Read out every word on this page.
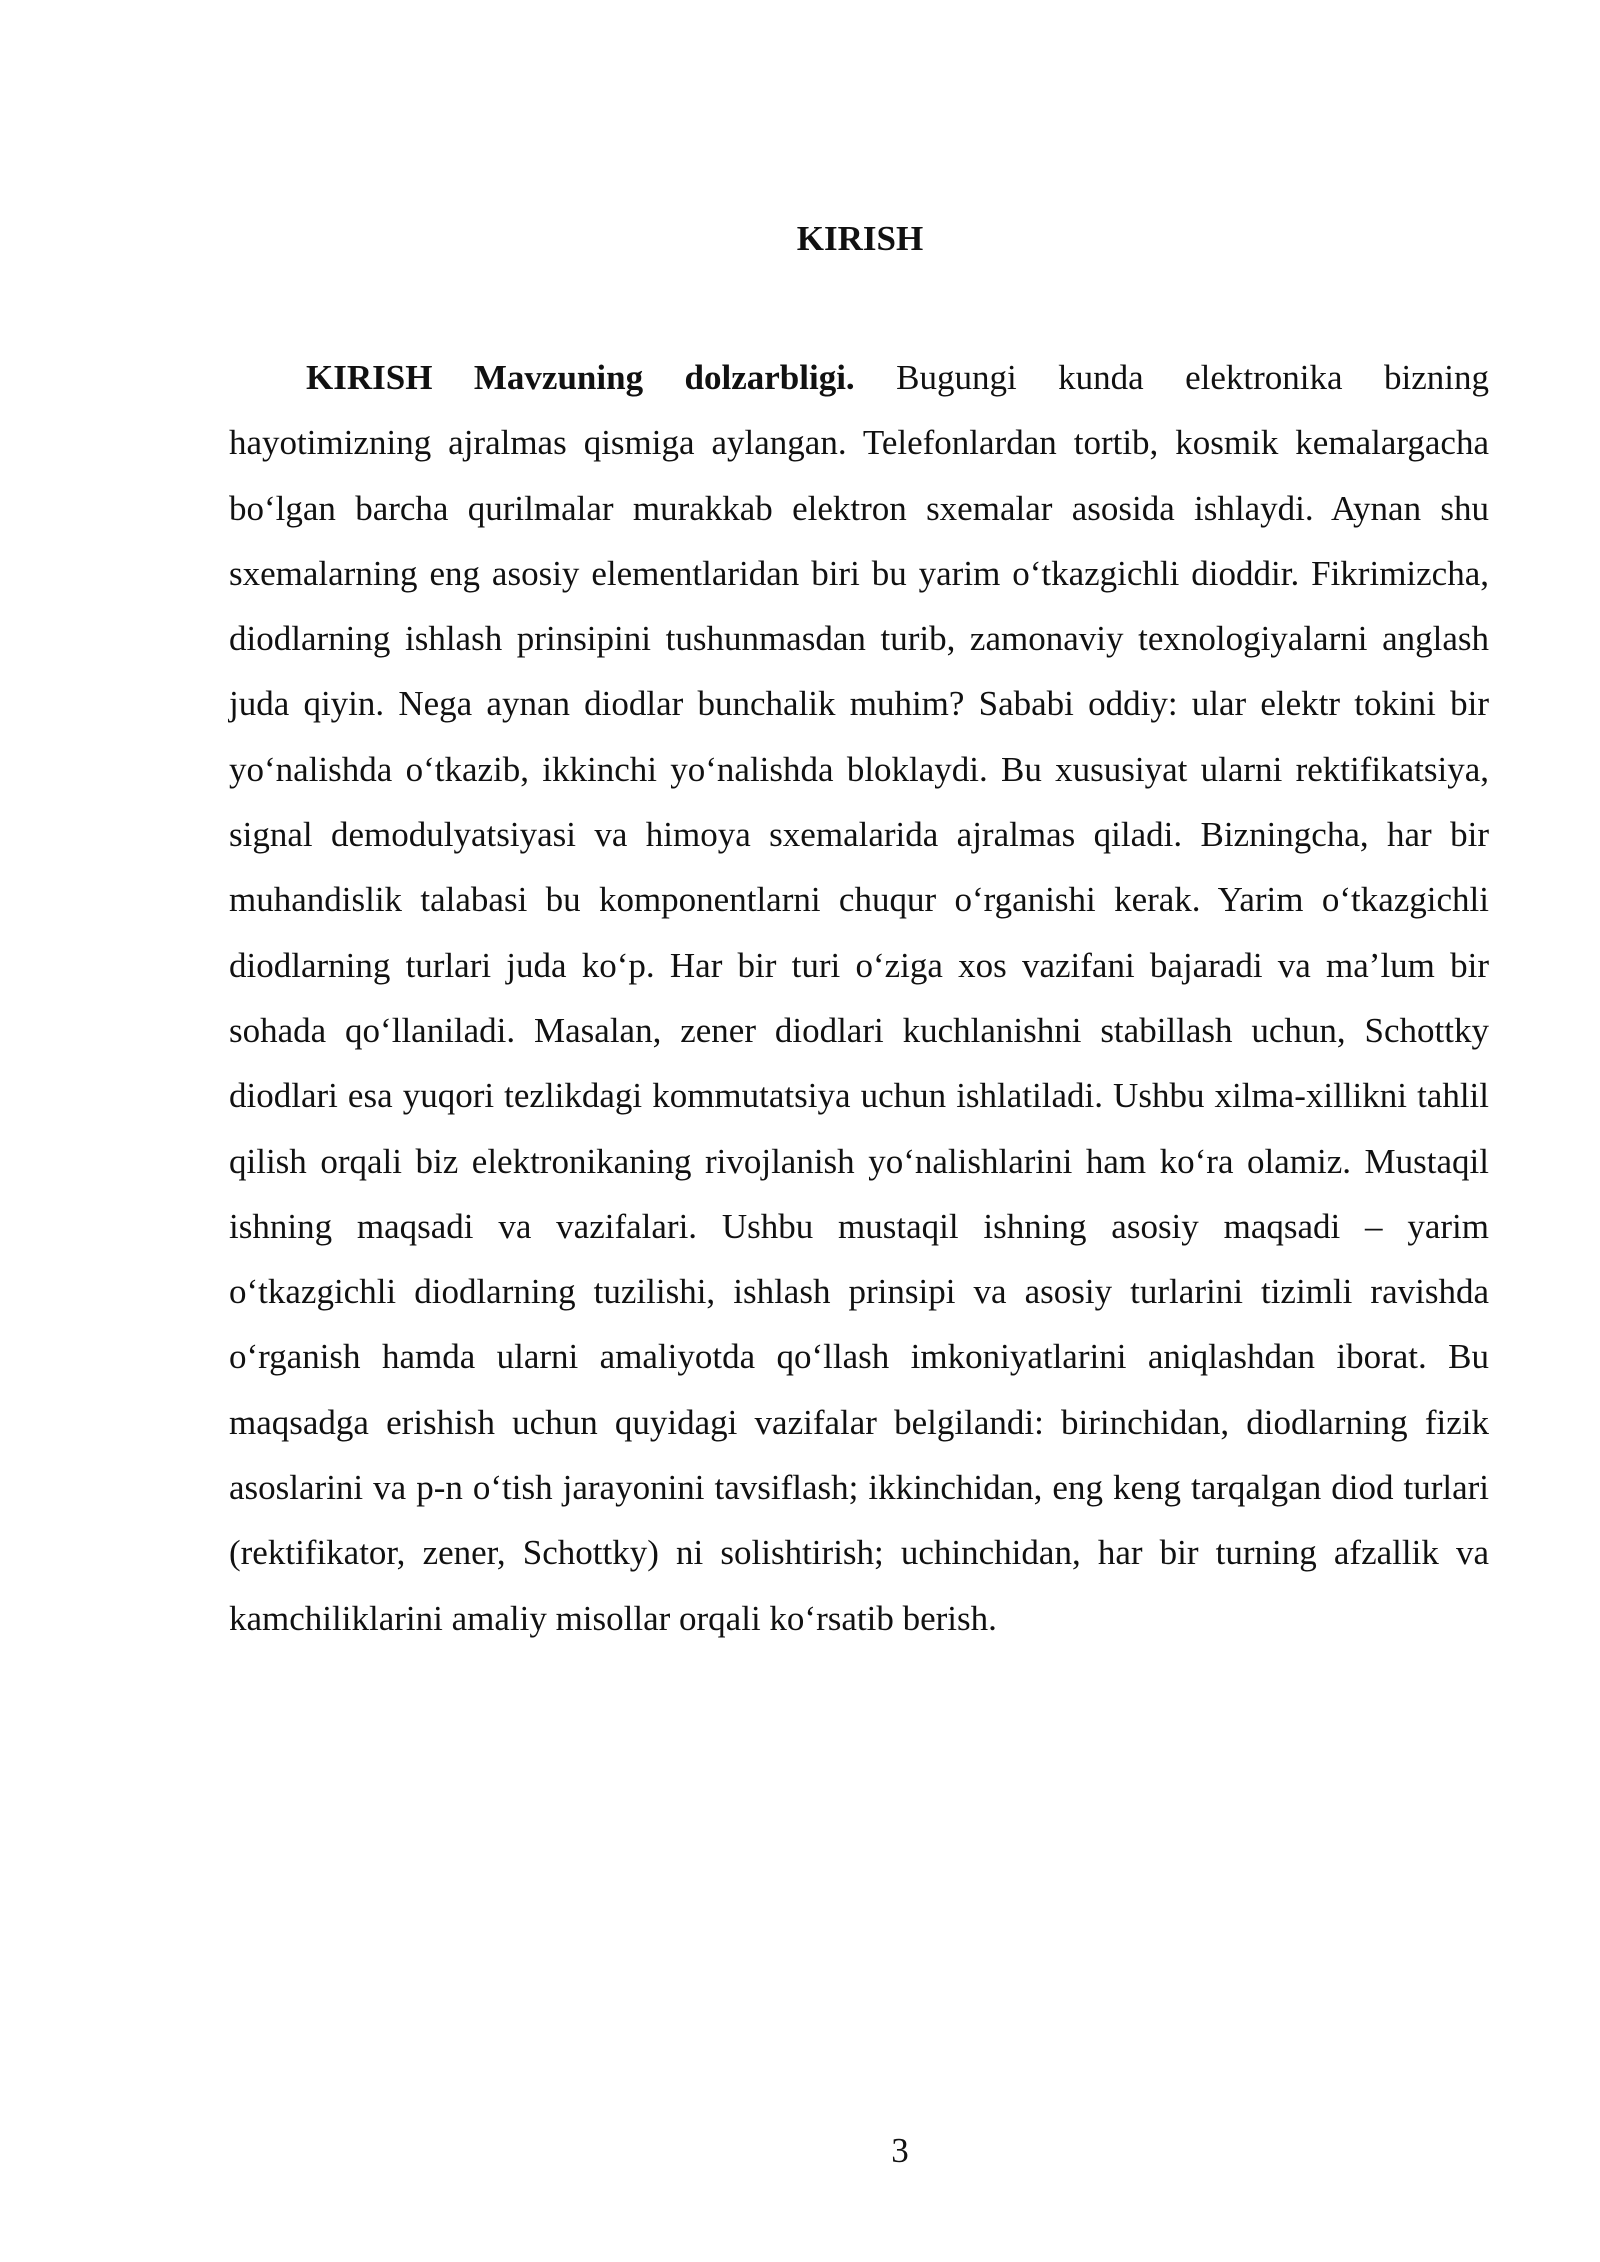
KIRISH

KIRISH Mavzuning dolzarbligi. Bugungi kunda elektronika bizning hayotimizning ajralmas qismiga aylangan. Telefonlardan tortib, kosmik kemalargacha bo‘lgan barcha qurilmalar murakkab elektron sxemalar asosida ishlaydi. Aynan shu sxemalarning eng asosiy elementlaridan biri bu yarim o‘tkazgichli dioddir. Fikrimizcha, diodlarning ishlash prinsipini tushunmasdan turib, zamonaviy texnologiyalarni anglash juda qiyin. Nega aynan diodlar bunchalik muhim? Sababi oddiy: ular elektr tokini bir yo‘nalishda o‘tkazib, ikkinchi yo‘nalishda bloklaydi. Bu xususiyat ularni rektifikatsiya, signal demodulyatsiyasi va himoya sxemalarida ajralmas qiladi. Bizningcha, har bir muhandislik talabasi bu komponentlarni chuqur o‘rganishi kerak. Yarim o‘tkazgichli diodlarning turlari juda ko‘p. Har bir turi o‘ziga xos vazifani bajaradi va ma’lum bir sohada qo‘llaniladi. Masalan, zener diodlari kuchlanishni stabillash uchun, Schottky diodlari esa yuqori tezlikdagi kommutatsiya uchun ishlatiladi. Ushbu xilma-xillikni tahlil qilish orqali biz elektronikaning rivojlanish yo‘nalishlarini ham ko‘ra olamiz. Mustaqil ishning maqsadi va vazifalari. Ushbu mustaqil ishning asosiy maqsadi – yarim o‘tkazgichli diodlarning tuzilishi, ishlash prinsipi va asosiy turlarini tizimli ravishda o‘rganish hamda ularni amaliyotda qo‘llash imkoniyatlarini aniqlashdan iborat. Bu maqsadga erishish uchun quyidagi vazifalar belgilandi: birinchidan, diodlarning fizik asoslarini va p-n o‘tish jarayonini tavsiflash; ikkinchidan, eng keng tarqalgan diod turlari (rektifikator, zener, Schottky) ni solishtirish; uchinchidan, har bir turning afzallik va kamchiliklarini amaliy misollar orqali ko‘rsatib berish.

3
